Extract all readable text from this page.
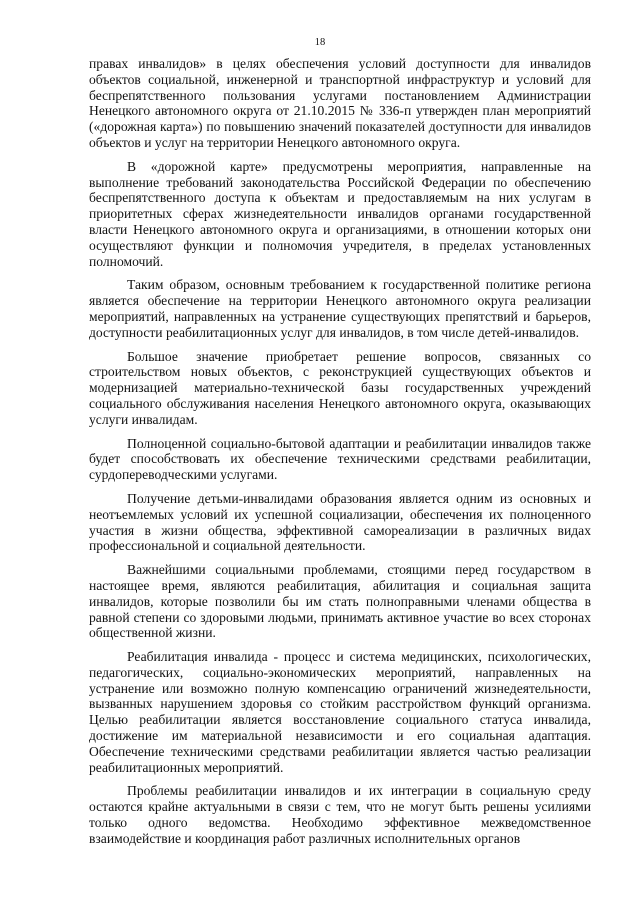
18

правах инвалидов» в целях обеспечения условий доступности для инвалидов объектов социальной, инженерной и транспортной инфраструктур и условий для беспрепятственного пользования услугами постановлением Администрации Ненецкого автономного округа от 21.10.2015 № 336-п утвержден план мероприятий («дорожная карта») по повышению значений показателей доступности для инвалидов объектов и услуг на территории Ненецкого автономного округа.

В «дорожной карте» предусмотрены мероприятия, направленные на выполнение требований законодательства Российской Федерации по обеспечению беспрепятственного доступа к объектам и предоставляемым на них услугам в приоритетных сферах жизнедеятельности инвалидов органами государственной власти Ненецкого автономного округа и организациями, в отношении которых они осуществляют функции и полномочия учредителя, в пределах установленных полномочий.

Таким образом, основным требованием к государственной политике региона является обеспечение на территории Ненецкого автономного округа реализации мероприятий, направленных на устранение существующих препятствий и барьеров, доступности реабилитационных услуг для инвалидов, в том числе детей-инвалидов.

Большое значение приобретает решение вопросов, связанных со строительством новых объектов, с реконструкцией существующих объектов и модернизацией материально-технической базы государственных учреждений социального обслуживания населения Ненецкого автономного округа, оказывающих услуги инвалидам.

Полноценной социально-бытовой адаптации и реабилитации инвалидов также будет способствовать их обеспечение техническими средствами реабилитации, сурдопереводческими услугами.

Получение детьми-инвалидами образования является одним из основных и неотъемлемых условий их успешной социализации, обеспечения их полноценного участия в жизни общества, эффективной самореализации в различных видах профессиональной и социальной деятельности.

Важнейшими социальными проблемами, стоящими перед государством в настоящее время, являются реабилитация, абилитация и социальная защита инвалидов, которые позволили бы им стать полноправными членами общества в равной степени со здоровыми людьми, принимать активное участие во всех сторонах общественной жизни.

Реабилитация инвалида - процесс и система медицинских, психологических, педагогических, социально-экономических мероприятий, направленных на устранение или возможно полную компенсацию ограничений жизнедеятельности, вызванных нарушением здоровья со стойким расстройством функций организма. Целью реабилитации является восстановление социального статуса инвалида, достижение им материальной независимости и его социальная адаптация. Обеспечение техническими средствами реабилитации является частью реализации реабилитационных мероприятий.

Проблемы реабилитации инвалидов и их интеграции в социальную среду остаются крайне актуальными в связи с тем, что не могут быть решены усилиями только одного ведомства. Необходимо эффективное межведомственное взаимодействие и координация работ различных исполнительных органов
